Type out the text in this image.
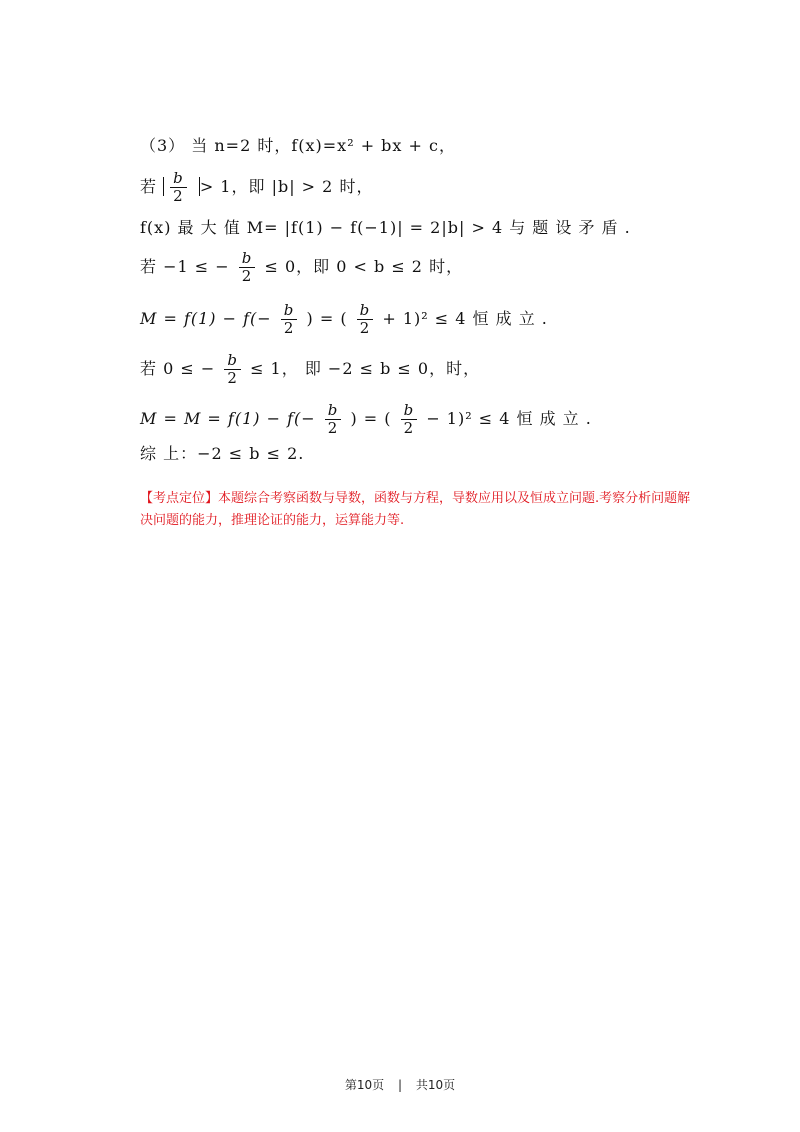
（3） 当 n=2 时，f(x)=x² + bx + c，
若 $\frac{b}{2} > 1$，即 |b| > 2 时，
f(x) 最 大 值 M= |f(1) − f(−1)| = 2|b| > 4 与 题 设 矛 盾 .
若 −1 ≤ − $\frac{b}{2} \le 0$，即 0 < b ≤ 2 时，
$M = f(1) - f(- \frac{b}{2}$ ) = ( $\frac{b}{2} + 1)^2 \le 4$ 恒 成 立 .
若 0 ≤ − $\frac{b}{2} \le 1$， 即 −2 ≤ b ≤ 0，时，
$M = M = f(1) - f(- \frac{b}{2}$ ) = ( $\frac{b}{2} - 1)^2 \le 4$ 恒 成 立 .
综 上：−2 ≤ b ≤ 2.
【考点定位】本题综合考察函数与导数，函数与方程，导数应用以及恒成立问题.考察分析问题解决问题的能力，推理论证的能力，运算能力等.
第10页 | 共10页
